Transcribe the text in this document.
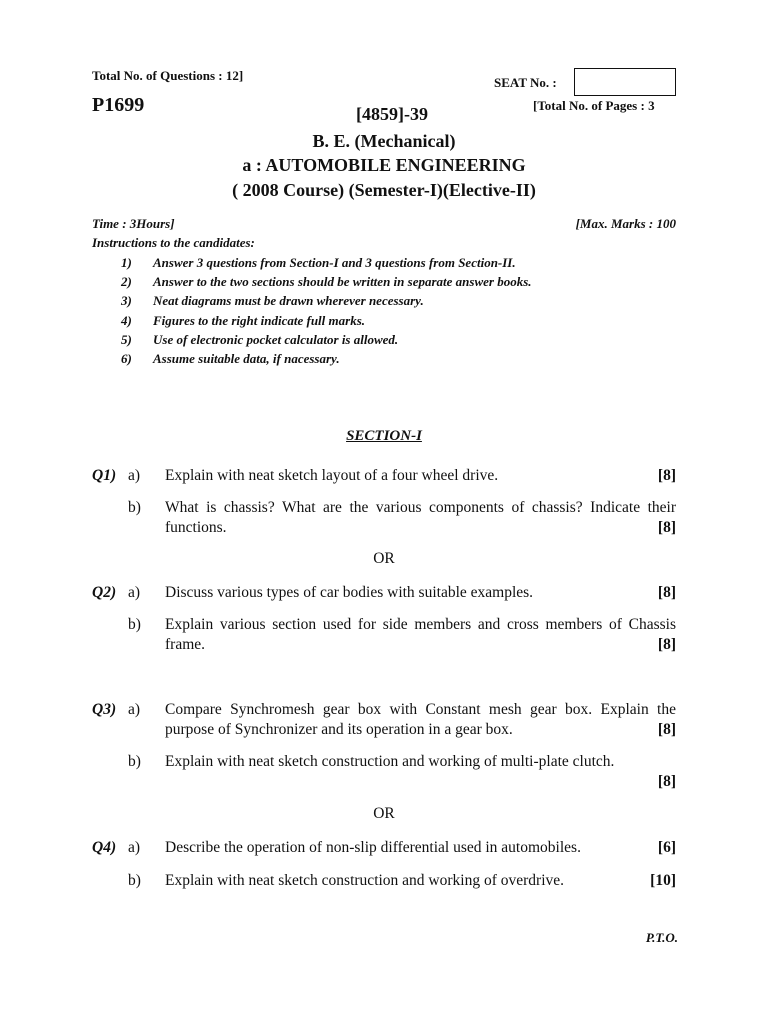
Total No. of Questions : 12]	SEAT No. :
P1699	[Total No. of Pages : 3
[4859]-39
B. E. (Mechanical)
a : AUTOMOBILE ENGINEERING
( 2008 Course) (Semester-I)(Elective-II)
Time : 3Hours]	[Max. Marks : 100
Instructions to the candidates:
1)	Answer 3 questions from Section-I and 3 questions from Section-II.
2)	Answer to the two sections should be written in separate answer books.
3)	Neat diagrams must be drawn wherever necessary.
4)	Figures to the right indicate full marks.
5)	Use of electronic pocket calculator is allowed.
6)	Assume suitable data, if nacessary.
SECTION-I
Q1) a) Explain with neat sketch layout of a four wheel drive.	[8]
b) What is chassis? What are the various components of chassis? Indicate their functions.	[8]
OR
Q2) a) Discuss various types of car bodies with suitable examples.	[8]
b) Explain various section used for side members and cross members of Chassis frame.	[8]
Q3) a) Compare Synchromesh gear box with Constant mesh gear box. Explain the purpose of Synchronizer and its operation in a gear box.	[8]
b) Explain with neat sketch construction and working of multi-plate clutch.

[8]
OR
Q4) a) Describe the operation of non-slip differential used in automobiles.	[6]
b) Explain with neat sketch construction and working of overdrive.	[10]
P.T.O.
